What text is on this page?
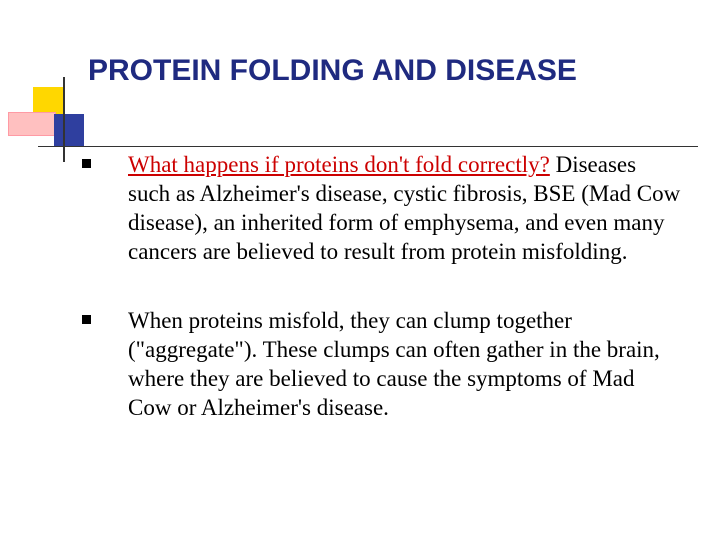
PROTEIN FOLDING AND DISEASE
What happens if proteins don't fold correctly? Diseases such as Alzheimer's disease, cystic fibrosis, BSE (Mad Cow disease), an inherited form of emphysema, and even many cancers are believed to result from protein misfolding.
When proteins misfold, they can clump together ("aggregate"). These clumps can often gather in the brain, where they are believed to cause the symptoms of Mad Cow or Alzheimer's disease.
